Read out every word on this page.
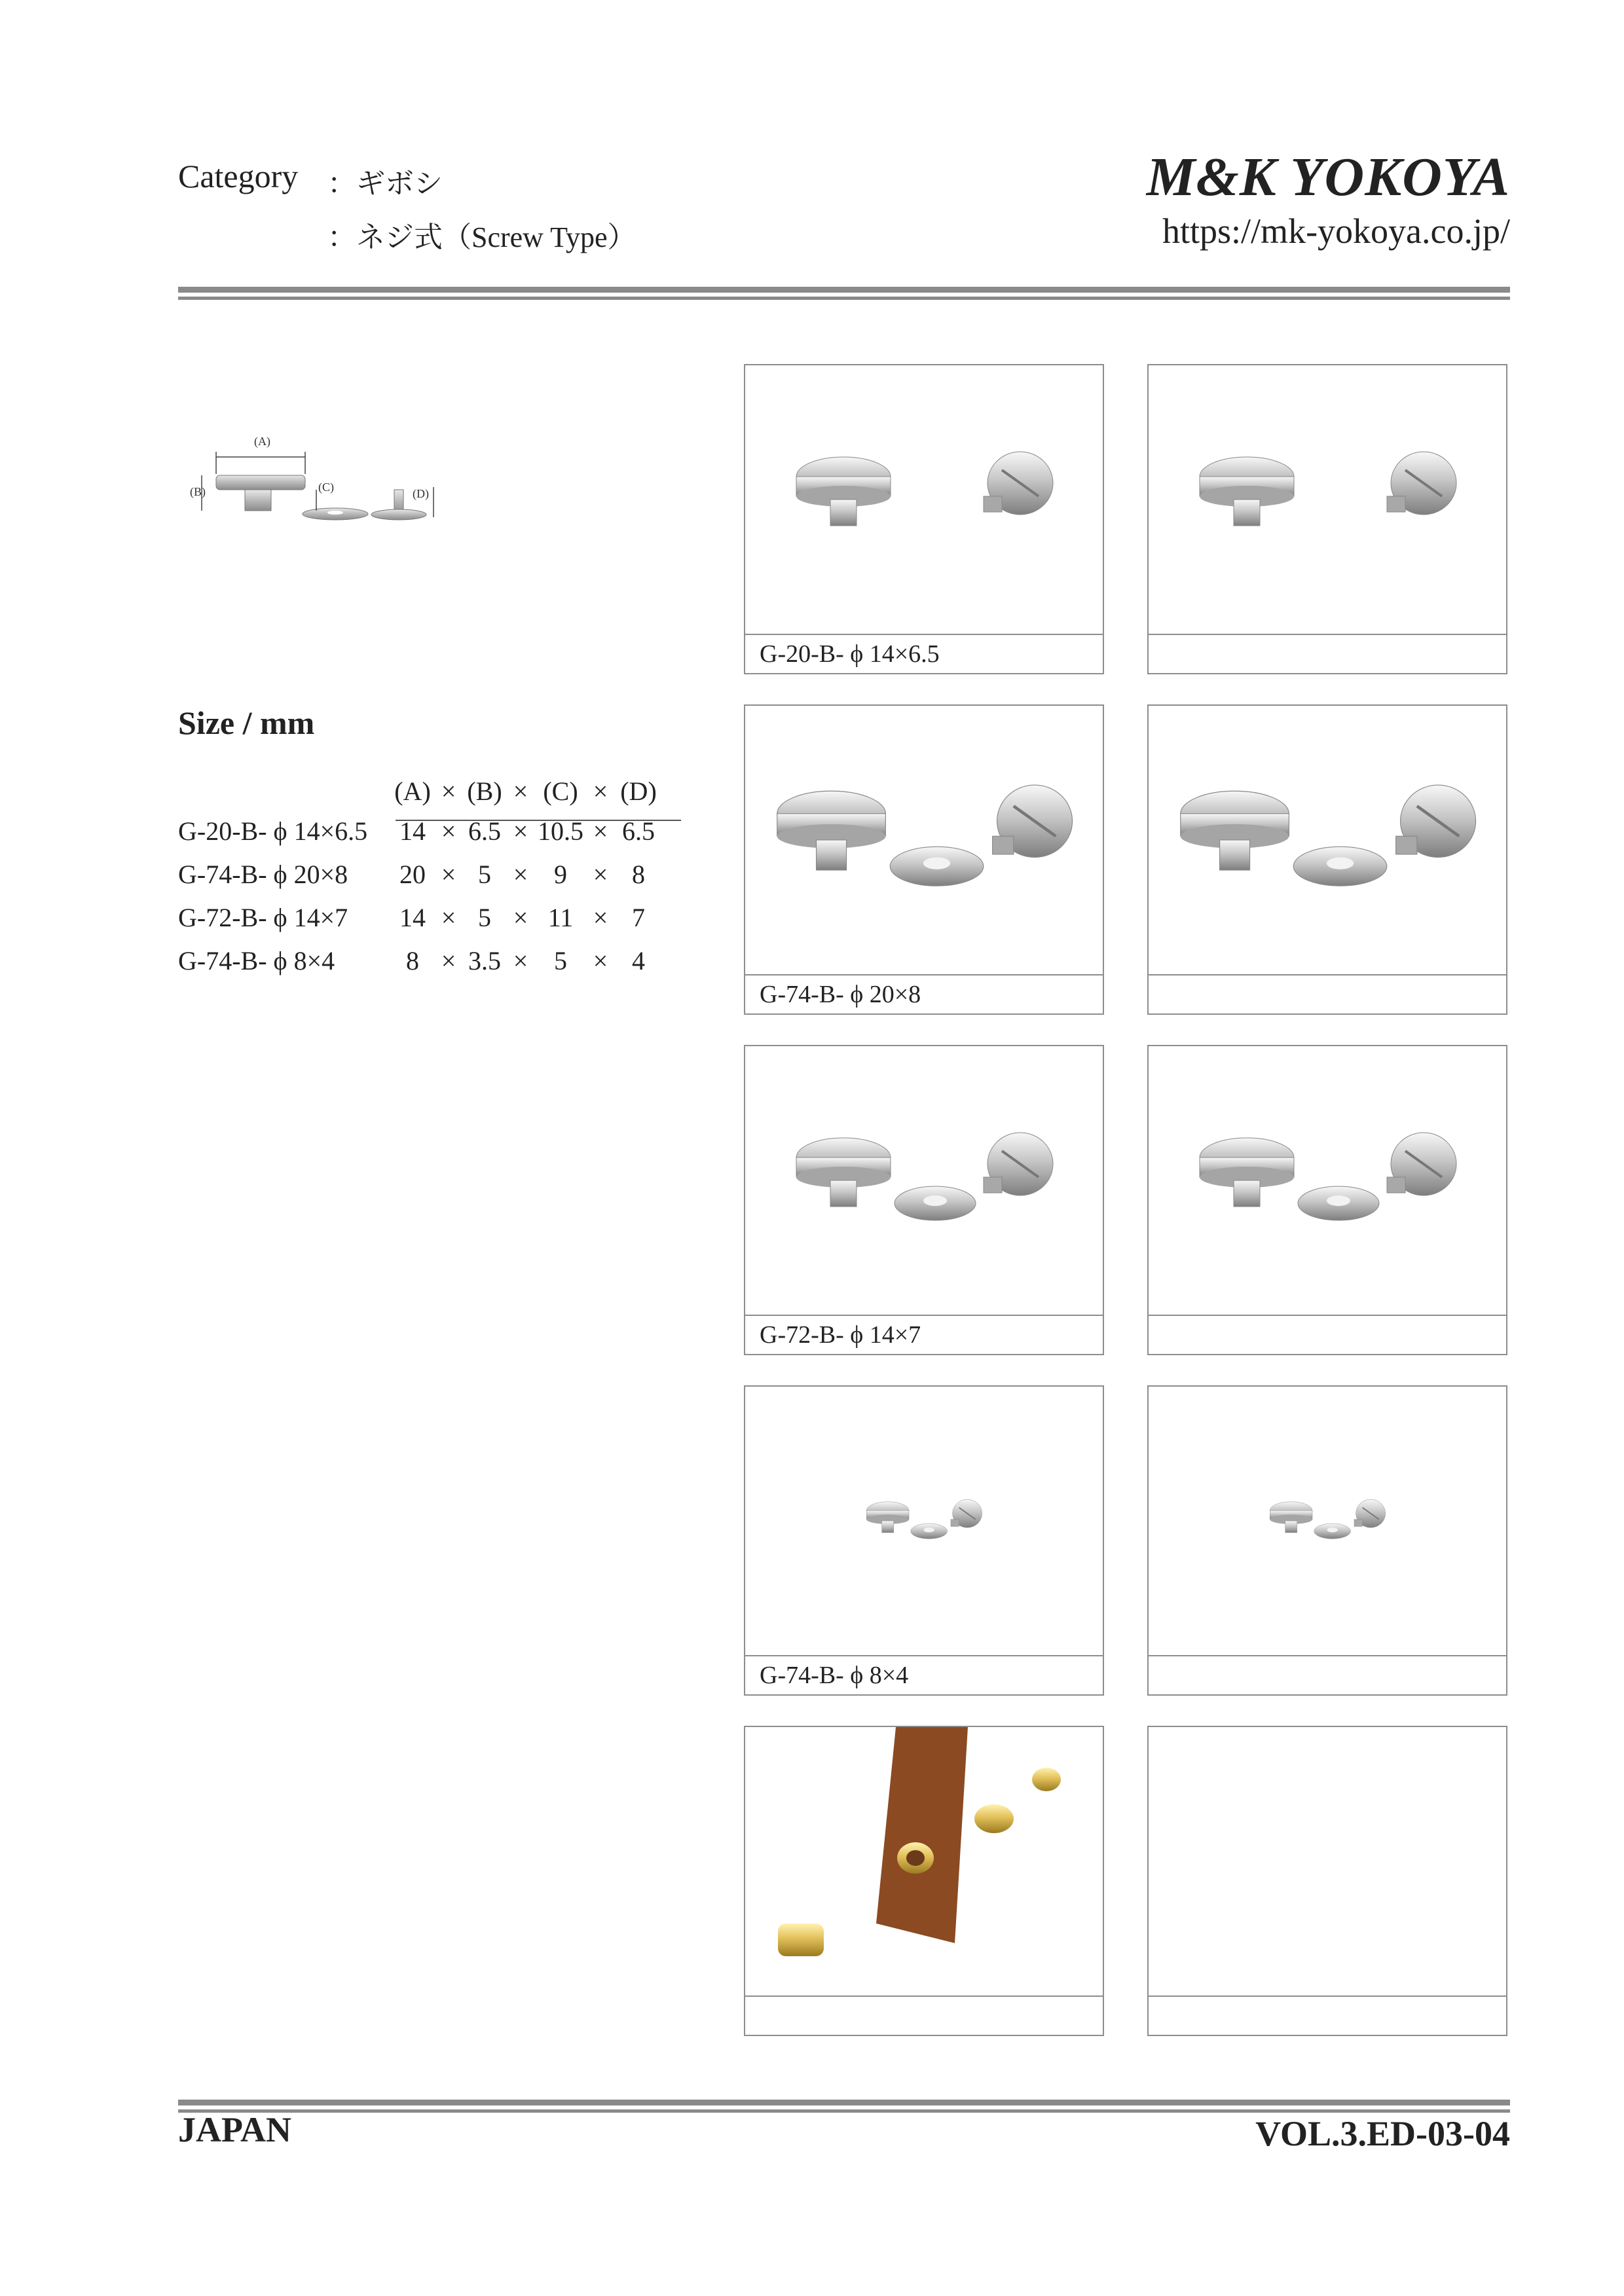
Category ：ギボシ
：ネジ式（Screw Type）
M&K YOKOYA
https://mk-yokoya.co.jp/
(A)
(B)	(C)	(D)
Size / mm
	(A)	×	(B)	×	(C)	×	(D)
G-20-B- ϕ 14×6.5	14	×	6.5	×	10.5	×	6.5
G-74-B- ϕ 20×8	20	×	5	×	9	×	8
G-72-B- ϕ 14×7	14	×	5	×	11	×	7
G-74-B- ϕ 8×4	8	×	3.5	×	5	×	4
G-20-B- ϕ 14×6.5
G-74-B- ϕ 20×8
G-72-B- ϕ 14×7
G-74-B- ϕ 8×4
JAPAN	VOL.3.ED-03-04
